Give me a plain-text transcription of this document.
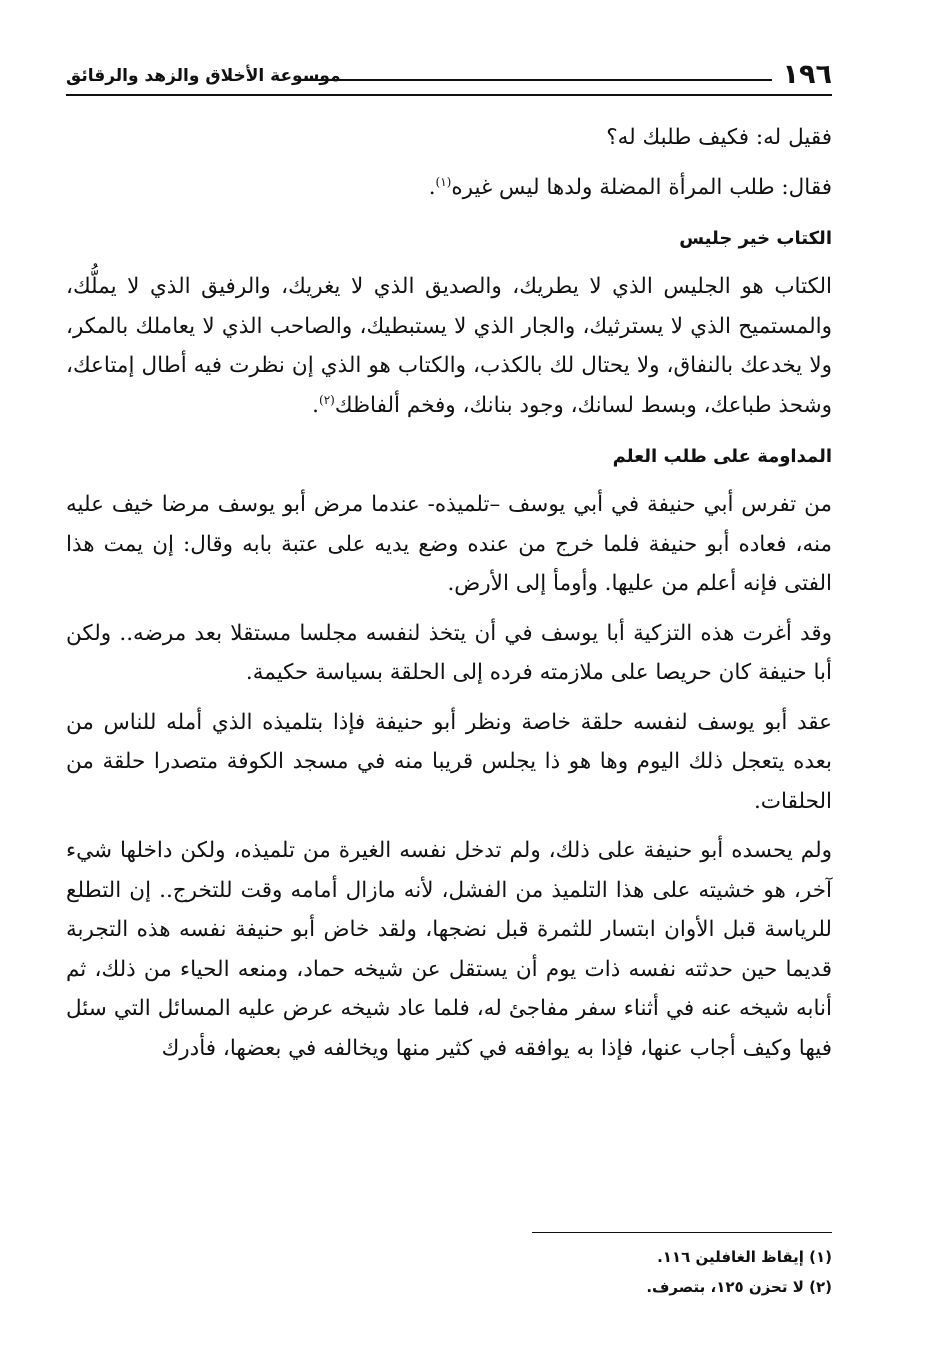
١٩٦
موسوعة الأخلاق والزهد والرقائق

فقيل له: فكيف طلبك له؟

فقال: طلب المرأة المضلة ولدها ليس غيره$^{(١)}$.

الكتاب خير جليس

الكتاب هو الجليس الذي لا يطريك، والصديق الذي لا يغريك، والرفيق الذي لا يملُّك، والمستميح الذي لا يسترثيك، والجار الذي لا يستبطيك، والصاحب الذي لا يعاملك بالمكر، ولا يخدعك بالنفاق، ولا يحتال لك بالكذب، والكتاب هو الذي إن نظرت فيه أطال إمتاعك، وشحذ طباعك، وبسط لسانك، وجود بنانك، وفخم ألفاظك$^{(٢)}$.

المداومة على طلب العلم

من تفرس أبي حنيفة في أبي يوسف –تلميذه- عندما مرض أبو يوسف مرضا خيف عليه منه، فعاده أبو حنيفة فلما خرج من عنده وضع يديه على عتبة بابه وقال: إن يمت هذا الفتى فإنه أعلم من عليها. وأومأ إلى الأرض.

وقد أغرت هذه التزكية أبا يوسف في أن يتخذ لنفسه مجلسا مستقلا بعد مرضه.. ولكن أبا حنيفة كان حريصا على ملازمته فرده إلى الحلقة بسياسة حكيمة.

عقد أبو يوسف لنفسه حلقة خاصة ونظر أبو حنيفة فإذا بتلميذه الذي أمله للناس من بعده يتعجل ذلك اليوم وها هو ذا يجلس قريبا منه في مسجد الكوفة متصدرا حلقة من الحلقات.

ولم يحسده أبو حنيفة على ذلك، ولم تدخل نفسه الغيرة من تلميذه، ولكن داخلها شيء آخر، هو خشيته على هذا التلميذ من الفشل، لأنه مازال أمامه وقت للتخرج.. إن التطلع للرياسة قبل الأوان ابتسار للثمرة قبل نضجها، ولقد خاض أبو حنيفة نفسه هذه التجربة قديما حين حدثته نفسه ذات يوم أن يستقل عن شيخه حماد، ومنعه الحياء من ذلك، ثم أنابه شيخه عنه في أثناء سفر مفاجئ له، فلما عاد شيخه عرض عليه المسائل التي سئل فيها وكيف أجاب عنها، فإذا به يوافقه في كثير منها ويخالفه في بعضها، فأدرك

(١) إيقاظ الغافلين ١١٦.
(٢) لا تحزن ١٢٥، بتصرف.
